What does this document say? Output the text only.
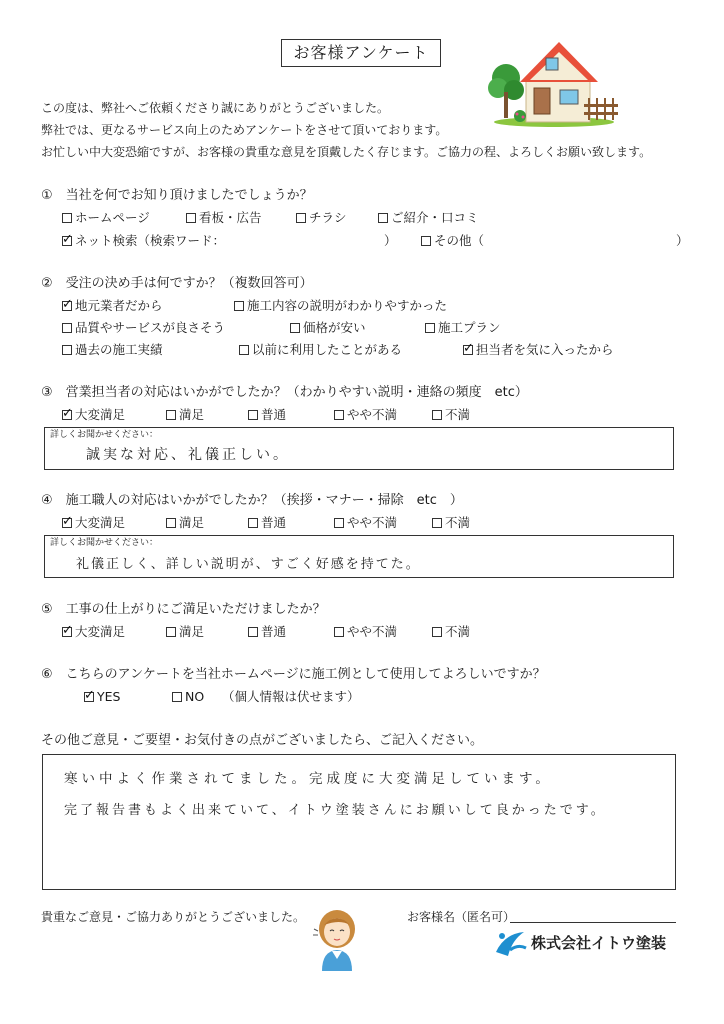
お客様アンケート
この度は、弊社へご依頼くださり誠にありがとうございました。
弊社では、更なるサービス向上のためアンケートをさせて頂いております。
お忙しい中大変恐縮ですが、お客様の貴重な意見を頂戴したく存じます。ご協力の程、よろしくお願い致します。
①　当社を何でお知り頂けましたでしょうか？
ホームページ	看板・広告	チラシ	ご紹介・口コミ
✓ネット検索（検索ワード：	）	その他（	）
②　受注の決め手は何ですか？（複数回答可）
✓地元業者だから	施工内容の説明がわかりやすかった
品質やサービスが良さそう	価格が安い	施工プラン
過去の施工実績	以前に利用したことがある
✓	担当者を気に入ったから
③　営業担当者の対応はいかがでしたか？（わかりやすい説明・連絡の頻度　etc）
✓大変満足	満足	普通	やや不満	不満
詳しくお聞かせください：
誠実な対応、礼儀正しい。
④　施工職人の対応はいかがでしたか？（挨拶・マナー・掃除　etc　）
✓大変満足	満足	普通	やや不満	不満
詳しくお聞かせください：
礼儀正しく、詳しい説明が、すごく好感を持てた。
⑤　工事の仕上がりにご満足いただけましたか？
✓大変満足	満足	普通	やや不満	不満
⑥　こちらのアンケートを当社ホームページに施工例として使用してよろしいですか？
✓YES	NO （個人情報は伏せます）
その他ご意見・ご要望・お気付きの点がございましたら、ご記入ください。
寒い中よく作業されてました。完成度に大変満足しています。
完了報告書もよく出来ていて、イトウ塗装さんにお願いして良かったです。
貴重なご意見・ご協力ありがとうございました。	お客様名（匿名可）
株式会社イトウ塗装
